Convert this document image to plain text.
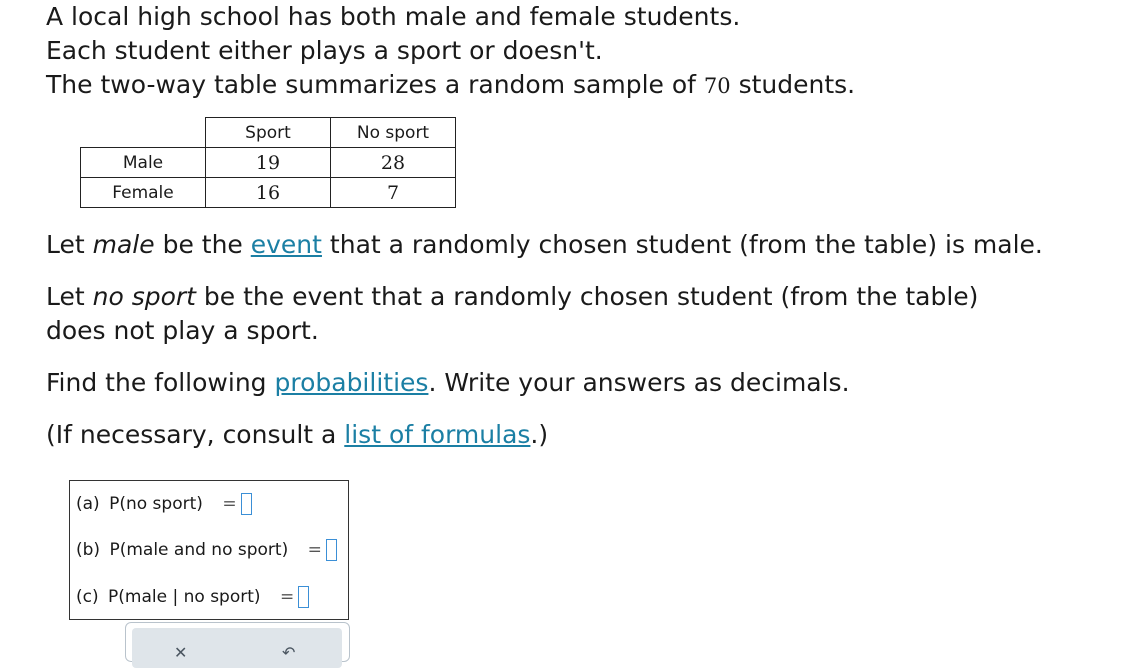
A local high school has both male and female students.
Each student either plays a sport or doesn't.
The two-way table summarizes a random sample of 70 students.
	Sport	No sport
Male	19	28
Female	16	7
Let male be the event that a randomly chosen student (from the table) is male.
Let no sport be the event that a randomly chosen student (from the table)
does not play a sport.
Find the following probabilities. Write your answers as decimals.
(If necessary, consult a list of formulas.)
(a) P(no sport) =
(b) P(male and no sport) =
(c) P(male | no sport) =
✕	↶
